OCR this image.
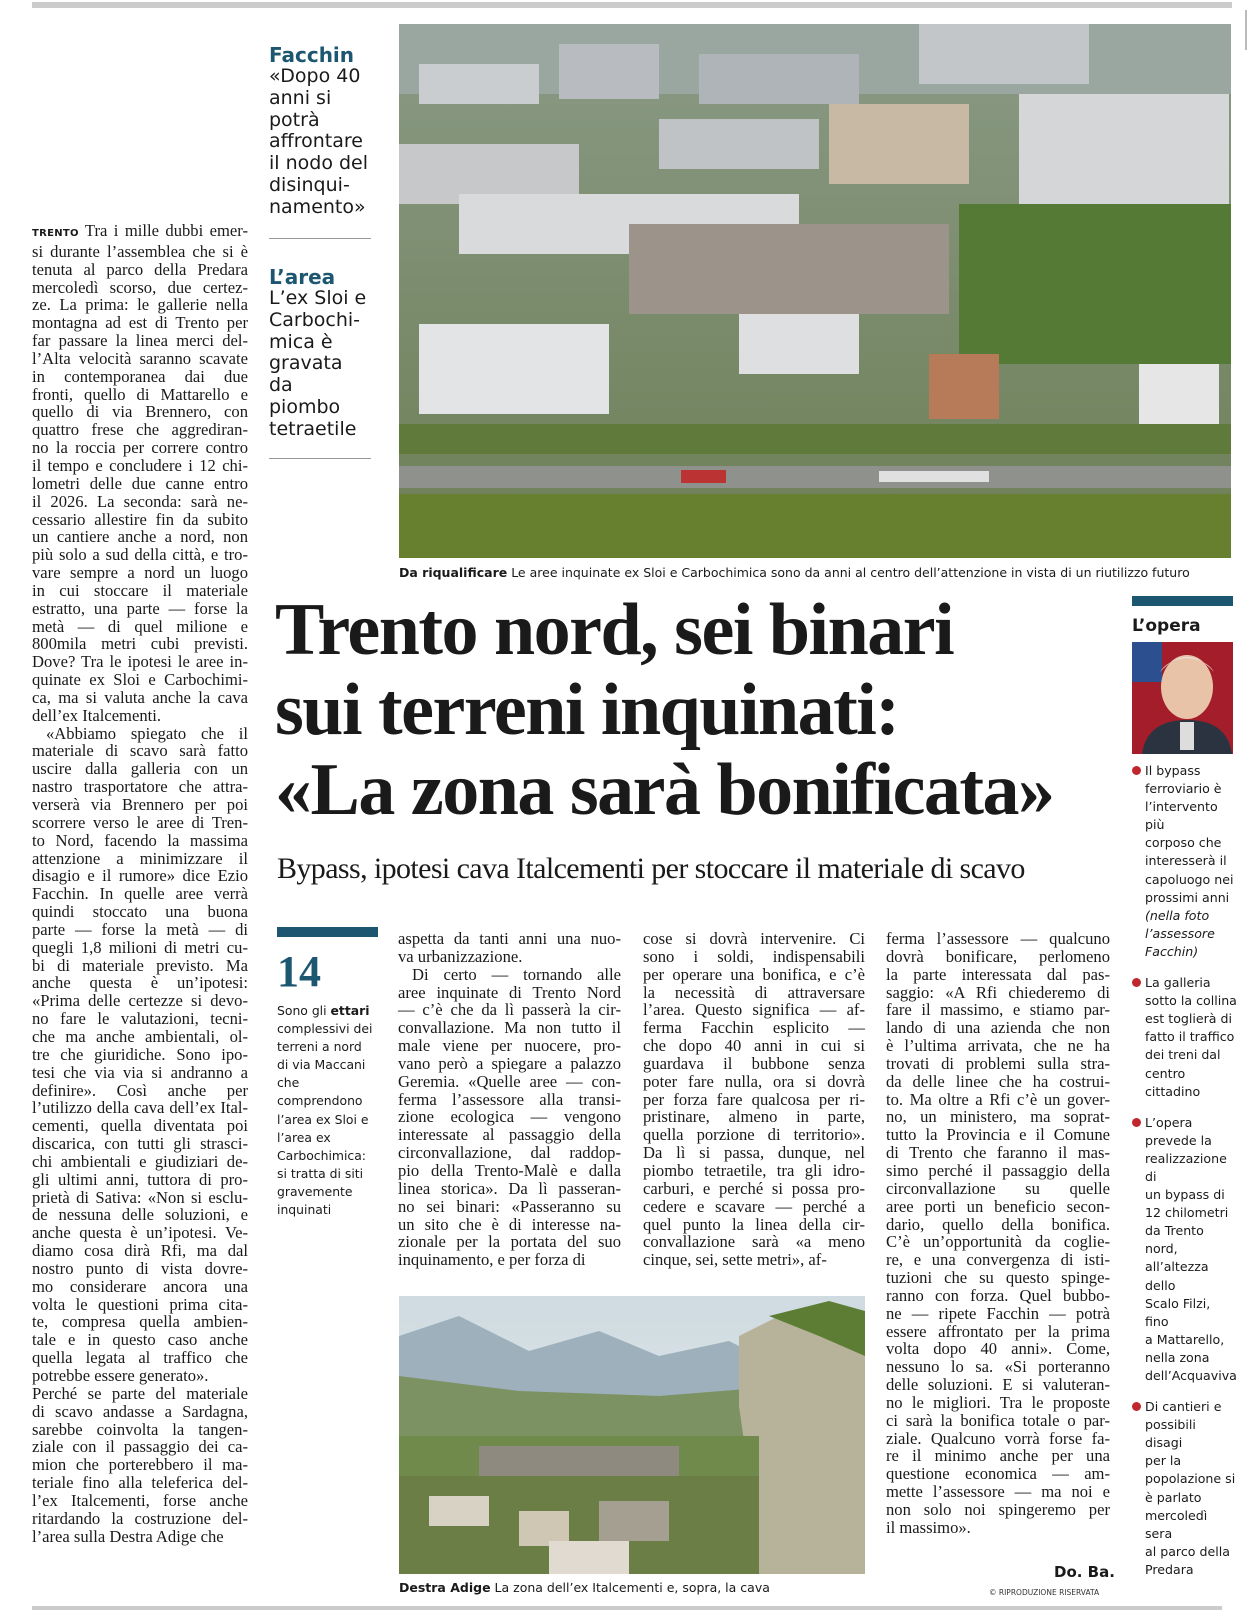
TRENTO Tra i mille dubbi emer-
si durante l’assemblea che si è
tenuta al parco della Predara
mercoledì scorso, due certez-
ze. La prima: le gallerie nella
montagna ad est di Trento per
far passare la linea merci del-
l’Alta velocità saranno scavate
in contemporanea dai due
fronti, quello di Mattarello e
quello di via Brennero, con
quattro frese che aggrediran-
no la roccia per correre contro
il tempo e concludere i 12 chi-
lometri delle due canne entro
il 2026. La seconda: sarà ne-
cessario allestire fin da subito
un cantiere anche a nord, non
più solo a sud della città, e tro-
vare sempre a nord un luogo
in cui stoccare il materiale
estratto, una parte — forse la
metà — di quel milione e
800mila metri cubi previsti.
Dove? Tra le ipotesi le aree in-
quinate ex Sloi e Carbochimi-
ca, ma si valuta anche la cava
dell’ex Italcementi.
«Abbiamo spiegato che il
materiale di scavo sarà fatto
uscire dalla galleria con un
nastro trasportatore che attra-
verserà via Brennero per poi
scorrere verso le aree di Tren-
to Nord, facendo la massima
attenzione a minimizzare il
disagio e il rumore» dice Ezio
Facchin. In quelle aree verrà
quindi stoccato una buona
parte — forse la metà — di
quegli 1,8 milioni di metri cu-
bi di materiale previsto. Ma
anche questa è un’ipotesi:
«Prima delle certezze si devo-
no fare le valutazioni, tecni-
che ma anche ambientali, ol-
tre che giuridiche. Sono ipo-
tesi che via via si andranno a
definire». Così anche per
l’utilizzo della cava dell’ex Ital-
cementi, quella diventata poi
discarica, con tutti gli strasci-
chi ambientali e giudiziari de-
gli ultimi anni, tuttora di pro-
prietà di Sativa: «Non si esclu-
de nessuna delle soluzioni, e
anche questa è un’ipotesi. Ve-
diamo cosa dirà Rfi, ma dal
nostro punto di vista dovre-
mo considerare ancora una
volta le questioni prima cita-
te, compresa quella ambien-
tale e in questo caso anche
quella legata al traffico che
potrebbe essere generato».
Perché se parte del materiale
di scavo andasse a Sardagna,
sarebbe coinvolta la tangen-
ziale con il passaggio dei ca-
mion che porterebbero il ma-
teriale fino alla teleferica del-
l’ex Italcementi, forse anche
ritardando la costruzione del-
l’area sulla Destra Adige che
Facchin
«Dopo 40
anni si
potrà
affrontare
il nodo del
disinqui-
namento»
L’area
L’ex Sloi e
Carbochi-
mica è
gravata
da
piombo
tetraetile
Da riqualificare Le aree inquinate ex Sloi e Carbochimica sono da anni al centro dell’attenzione in vista di un riutilizzo futuro
Trento nord, sei binari
sui terreni inquinati:
«La zona sarà bonificata»
Bypass, ipotesi cava Italcementi per stoccare il materiale di scavo
14
Sono gli ettari
complessivi dei
terreni a nord
di via Maccani
che
comprendono
l’area ex Sloi e
l’area ex
Carbochimica:
si tratta di siti
gravemente
inquinati
aspetta da tanti anni una nuo-
va urbanizzazione.
Di certo — tornando alle
aree inquinate di Trento Nord
— c’è che da lì passerà la cir-
convallazione. Ma non tutto il
male viene per nuocere, pro-
vano però a spiegare a palazzo
Geremia. «Quelle aree — con-
ferma l’assessore alla transi-
zione ecologica — vengono
interessate al passaggio della
circonvallazione, dal raddop-
pio della Trento-Malè e dalla
linea storica». Da lì passeran-
no sei binari: «Passeranno su
un sito che è di interesse na-
zionale per la portata del suo
inquinamento, e per forza di
cose si dovrà intervenire. Ci
sono i soldi, indispensabili
per operare una bonifica, e c’è
la necessità di attraversare
l’area. Questo significa — af-
ferma Facchin esplicito —
che dopo 40 anni in cui si
guardava il bubbone senza
poter fare nulla, ora si dovrà
per forza fare qualcosa per ri-
pristinare, almeno in parte,
quella porzione di territorio».
Da lì si passa, dunque, nel
piombo tetraetile, tra gli idro-
carburi, e perché si possa pro-
cedere e scavare — perché a
quel punto la linea della cir-
convallazione sarà «a meno
cinque, sei, sette metri», af-
ferma l’assessore — qualcuno
dovrà bonificare, perlomeno
la parte interessata dal pas-
saggio: «A Rfi chiederemo di
fare il massimo, e stiamo par-
lando di una azienda che non
è l’ultima arrivata, che ne ha
trovati di problemi sulla stra-
da delle linee che ha costrui-
to. Ma oltre a Rfi c’è un gover-
no, un ministero, ma soprat-
tutto la Provincia e il Comune
di Trento che faranno il mas-
simo perché il passaggio della
circonvallazione su quelle
aree porti un beneficio secon-
dario, quello della bonifica.
C’è un’opportunità da coglie-
re, e una convergenza di isti-
tuzioni che su questo spinge-
ranno con forza. Quel bubbo-
ne — ripete Facchin — potrà
essere affrontato per la prima
volta dopo 40 anni». Come,
nessuno lo sa. «Si porteranno
delle soluzioni. E si valuteran-
no le migliori. Tra le proposte
ci sarà la bonifica totale o par-
ziale. Qualcuno vorrà forse fa-
re il minimo anche per una
questione economica — am-
mette l’assessore — ma noi e
non solo noi spingeremo per
il massimo».
Destra Adige La zona dell’ex Italcementi e, sopra, la cava
Do. Ba.
© RIPRODUZIONE RISERVATA
L’opera
Il bypass
ferroviario è
l’intervento più
corposo che
interesserà il
capoluogo nei
prossimi anni
(nella foto
l’assessore
Facchin)
La galleria
sotto la collina
est toglierà di
fatto il traffico
dei treni dal
centro
cittadino
L’opera
prevede la
realizzazione di
un bypass di
12 chilometri
da Trento nord,
all’altezza dello
Scalo Filzi, fino
a Mattarello,
nella zona
dell’Acquaviva
Di cantieri e
possibili disagi
per la
popolazione si
è parlato
mercoledì sera
al parco della
Predara
